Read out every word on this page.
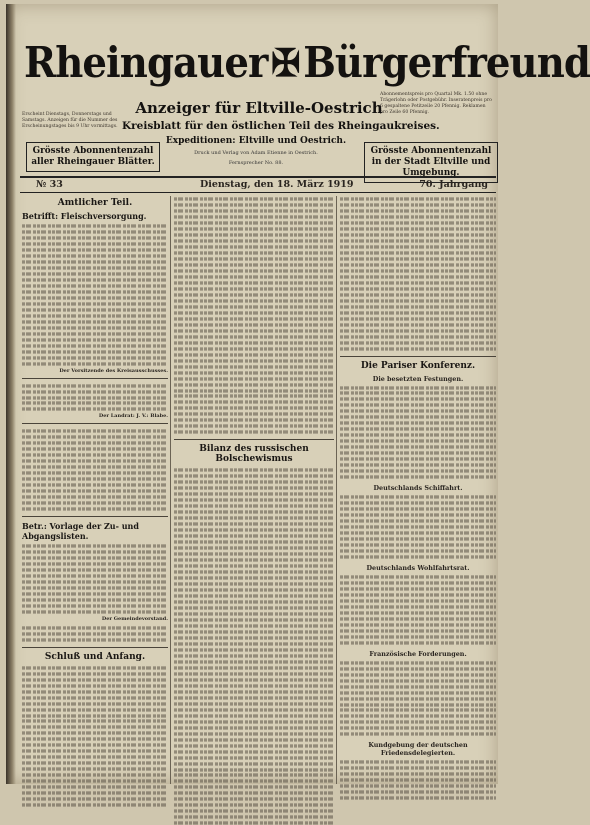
Rheingauer ✠ Bürgerfreund
Abonnementspreis pro Quartal Mk. 1.50 ohne Trägerlohn oder Postgebühr. Inseratenpreis pro 6 gespaltene Petitzeile 20 Pfennig. Reklamen pro Zeile 60 Pfennig.
Erscheint Dienstags, Donnerstags und Samstags. Anzeigen für die Nummer des Erscheinungstages bis 9 Uhr vormittags.
Anzeiger für Eltville-Oestrich
Kreisblatt für den östlichen Teil des Rheingaukreises.
Expeditionen: Eltville und Oestrich.
Druck und Verlag von Adam Etienne in Oestrich.
Fernsprecher No. 88.
Grösste Abonnentenzahl aller Rheingauer Blätter.
Grösste Abonnentenzahl in der Stadt Eltville und Umgebung.
№ 33	Dienstag, den 18. März 1919	70. Jahrgang
Amtlicher Teil.
Betrifft: Fleischversorgung.
Der Vorsitzende des Kreisausschusses.
Der Landrat: J. V.: Blabe.
Betr.: Vorlage der Zu- und Abgangslisten.
Der Gemeindevorstand.
Schluß und Anfang.
Bilanz des russischen Bolschewismus
Die Pariser Konferenz.
Die besetzten Festungen.
Deutschlands Schiffahrt.
Deutschlands Wohlfahrtsrat.
Französische Forderungen.
Kundgebung der deutschen Friedensdelegierten.
